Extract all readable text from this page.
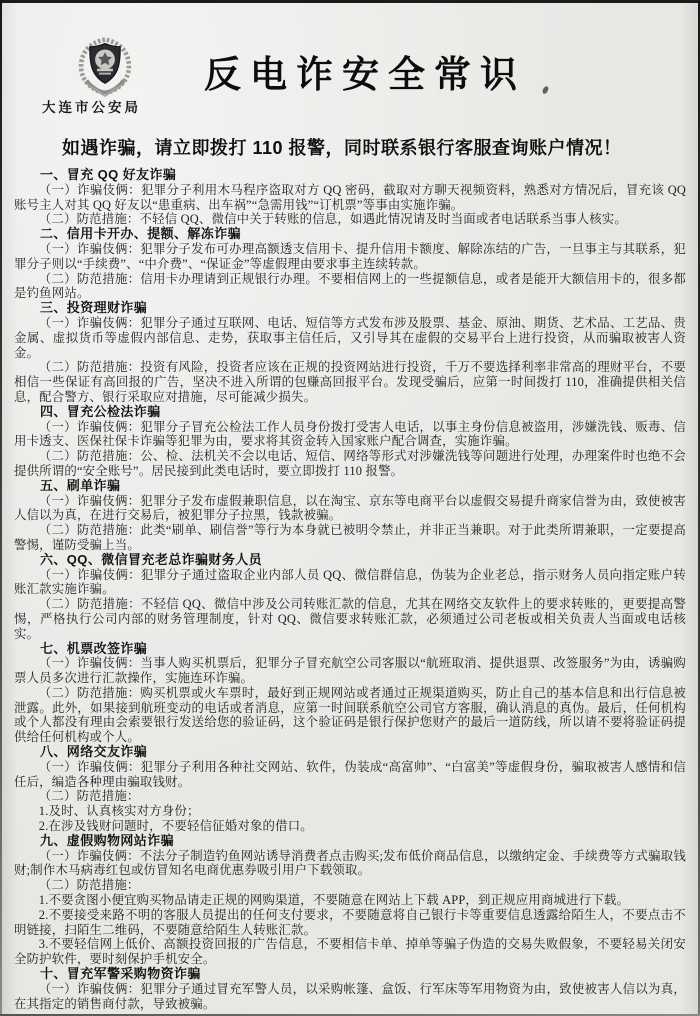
大连市公安局
反电诈安全常识
如遇诈骗，请立即拨打 110 报警，同时联系银行客服查询账户情况！
一、冒充 QQ 好友诈骗

（一）诈骗伎俩：犯罪分子利用木马程序盗取对方 QQ 密码，截取对方聊天视频资料，熟悉对方情况后，冒充该 QQ 账号主人对其 QQ 好友以“患重病、出车祸”“急需用钱”“订机票”等事由实施诈骗。

（二）防范措施：不轻信 QQ、微信中关于转账的信息，如遇此情况请及时当面或者电话联系当事人核实。

二、信用卡开办、提额、解冻诈骗

（一）诈骗伎俩：犯罪分子发布可办理高额透支信用卡、提升信用卡额度、解除冻结的广告，一旦事主与其联系，犯罪分子则以“手续费”、“中介费”、“保证金”等虚假理由要求事主连续转款。

（二）防范措施：信用卡办理请到正规银行办理。不要相信网上的一些提额信息，或者是能开大额信用卡的，很多都是钓鱼网站。

三、投资理财诈骗

（一）诈骗伎俩：犯罪分子通过互联网、电话、短信等方式发布涉及股票、基金、原油、期货、艺术品、工艺品、贵金属、虚拟货币等虚假内部信息、走势，获取事主信任后，又引导其在虚假的交易平台上进行投资，从而骗取被害人资金。

（二）防范措施：投资有风险，投资者应该在正规的投资网站进行投资，千万不要选择利率非常高的理财平台，不要相信一些保证有高回报的广告，坚决不进入所谓的包赚高回报平台。发现受骗后，应第一时间拨打 110，准确提供相关信息，配合警方、银行采取应对措施，尽可能减少损失。

四、冒充公检法诈骗

（一）诈骗伎俩：犯罪分子冒充公检法工作人员身份拨打受害人电话，以事主身份信息被盗用，涉嫌洗钱、贩毒、信用卡透支、医保社保卡诈骗等犯罪为由，要求将其资金转入国家账户配合调查，实施诈骗。

（二）防范措施：公、检、法机关不会以电话、短信、网络等形式对涉嫌洗钱等问题进行处理，办理案件时也绝不会提供所谓的“安全账号”。居民接到此类电话时，要立即拨打 110 报警。

五、刷单诈骗

（一）诈骗伎俩：犯罪分子发布虚假兼职信息，以在淘宝、京东等电商平台以虚假交易提升商家信誉为由，致使被害人信以为真，在进行交易后，被犯罪分子拉黑，钱款被骗。

（二）防范措施：此类“刷单、刷信誉”等行为本身就已被明令禁止，并非正当兼职。对于此类所谓兼职，一定要提高警惕，谨防受骗上当。

六、QQ、微信冒充老总诈骗财务人员

（一）诈骗伎俩：犯罪分子通过盗取企业内部人员 QQ、微信群信息，伪装为企业老总，指示财务人员向指定账户转账汇款实施诈骗。

（二）防范措施：不轻信 QQ、微信中涉及公司转账汇款的信息，尤其在网络交友软件上的要求转账的，更要提高警惕，严格执行公司内部的财务管理制度，针对 QQ、微信要求转账汇款，必须通过公司老板或相关负责人当面或电话核实。

七、机票改签诈骗

（一）诈骗伎俩：当事人购买机票后，犯罪分子冒充航空公司客服以“航班取消、提供退票、改签服务”为由，诱骗购票人员多次进行汇款操作，实施连环诈骗。

（二）防范措施：购买机票或火车票时，最好到正规网站或者通过正规渠道购买，防止自己的基本信息和出行信息被泄露。此外，如果接到航班变动的电话或者消息，应第一时间联系航空公司官方客服，确认消息的真伪。最后，任何机构或个人都没有理由会索要银行发送给您的验证码，这个验证码是银行保护您财产的最后一道防线，所以请不要将验证码提供给任何机构或个人。

八、网络交友诈骗

（一）诈骗伎俩：犯罪分子利用各种社交网站、软件，伪装成“高富帅”、“白富美”等虚假身份，骗取被害人感情和信任后，编造各种理由骗取钱财。

（二）防范措施：

1.及时、认真核实对方身份；

2.在涉及钱财问题时，不要轻信征婚对象的借口。

九、虚假购物网站诈骗

（一）诈骗伎俩：不法分子制造钓鱼网站诱导消费者点击购买;发布低价商品信息，以缴纳定金、手续费等方式骗取钱财;制作木马病毒红包或仿冒知名电商优惠券吸引用户下载领取。

（二）防范措施：

1.不要贪图小便宜购买物品请走正规的网购渠道，不要随意在网站上下载 APP，到正规应用商城进行下载。

2.不要接受来路不明的客服人员提出的任何支付要求，不要随意将自己银行卡等重要信息透露给陌生人，不要点击不明链接，扫陌生二维码，不要随意给陌生人转账汇款。

3.不要轻信网上低价、高额投资回报的广告信息，不要相信卡单、掉单等骗子伪造的交易失败假象，不要轻易关闭安全防护软件，要时刻保护手机安全。

十、冒充军警采购物资诈骗

（一）诈骗伎俩：犯罪分子通过冒充军警人员，以采购帐篷、盒饭、行军床等军用物资为由，致使被害人信以为真，在其指定的销售商付款，导致被骗。
